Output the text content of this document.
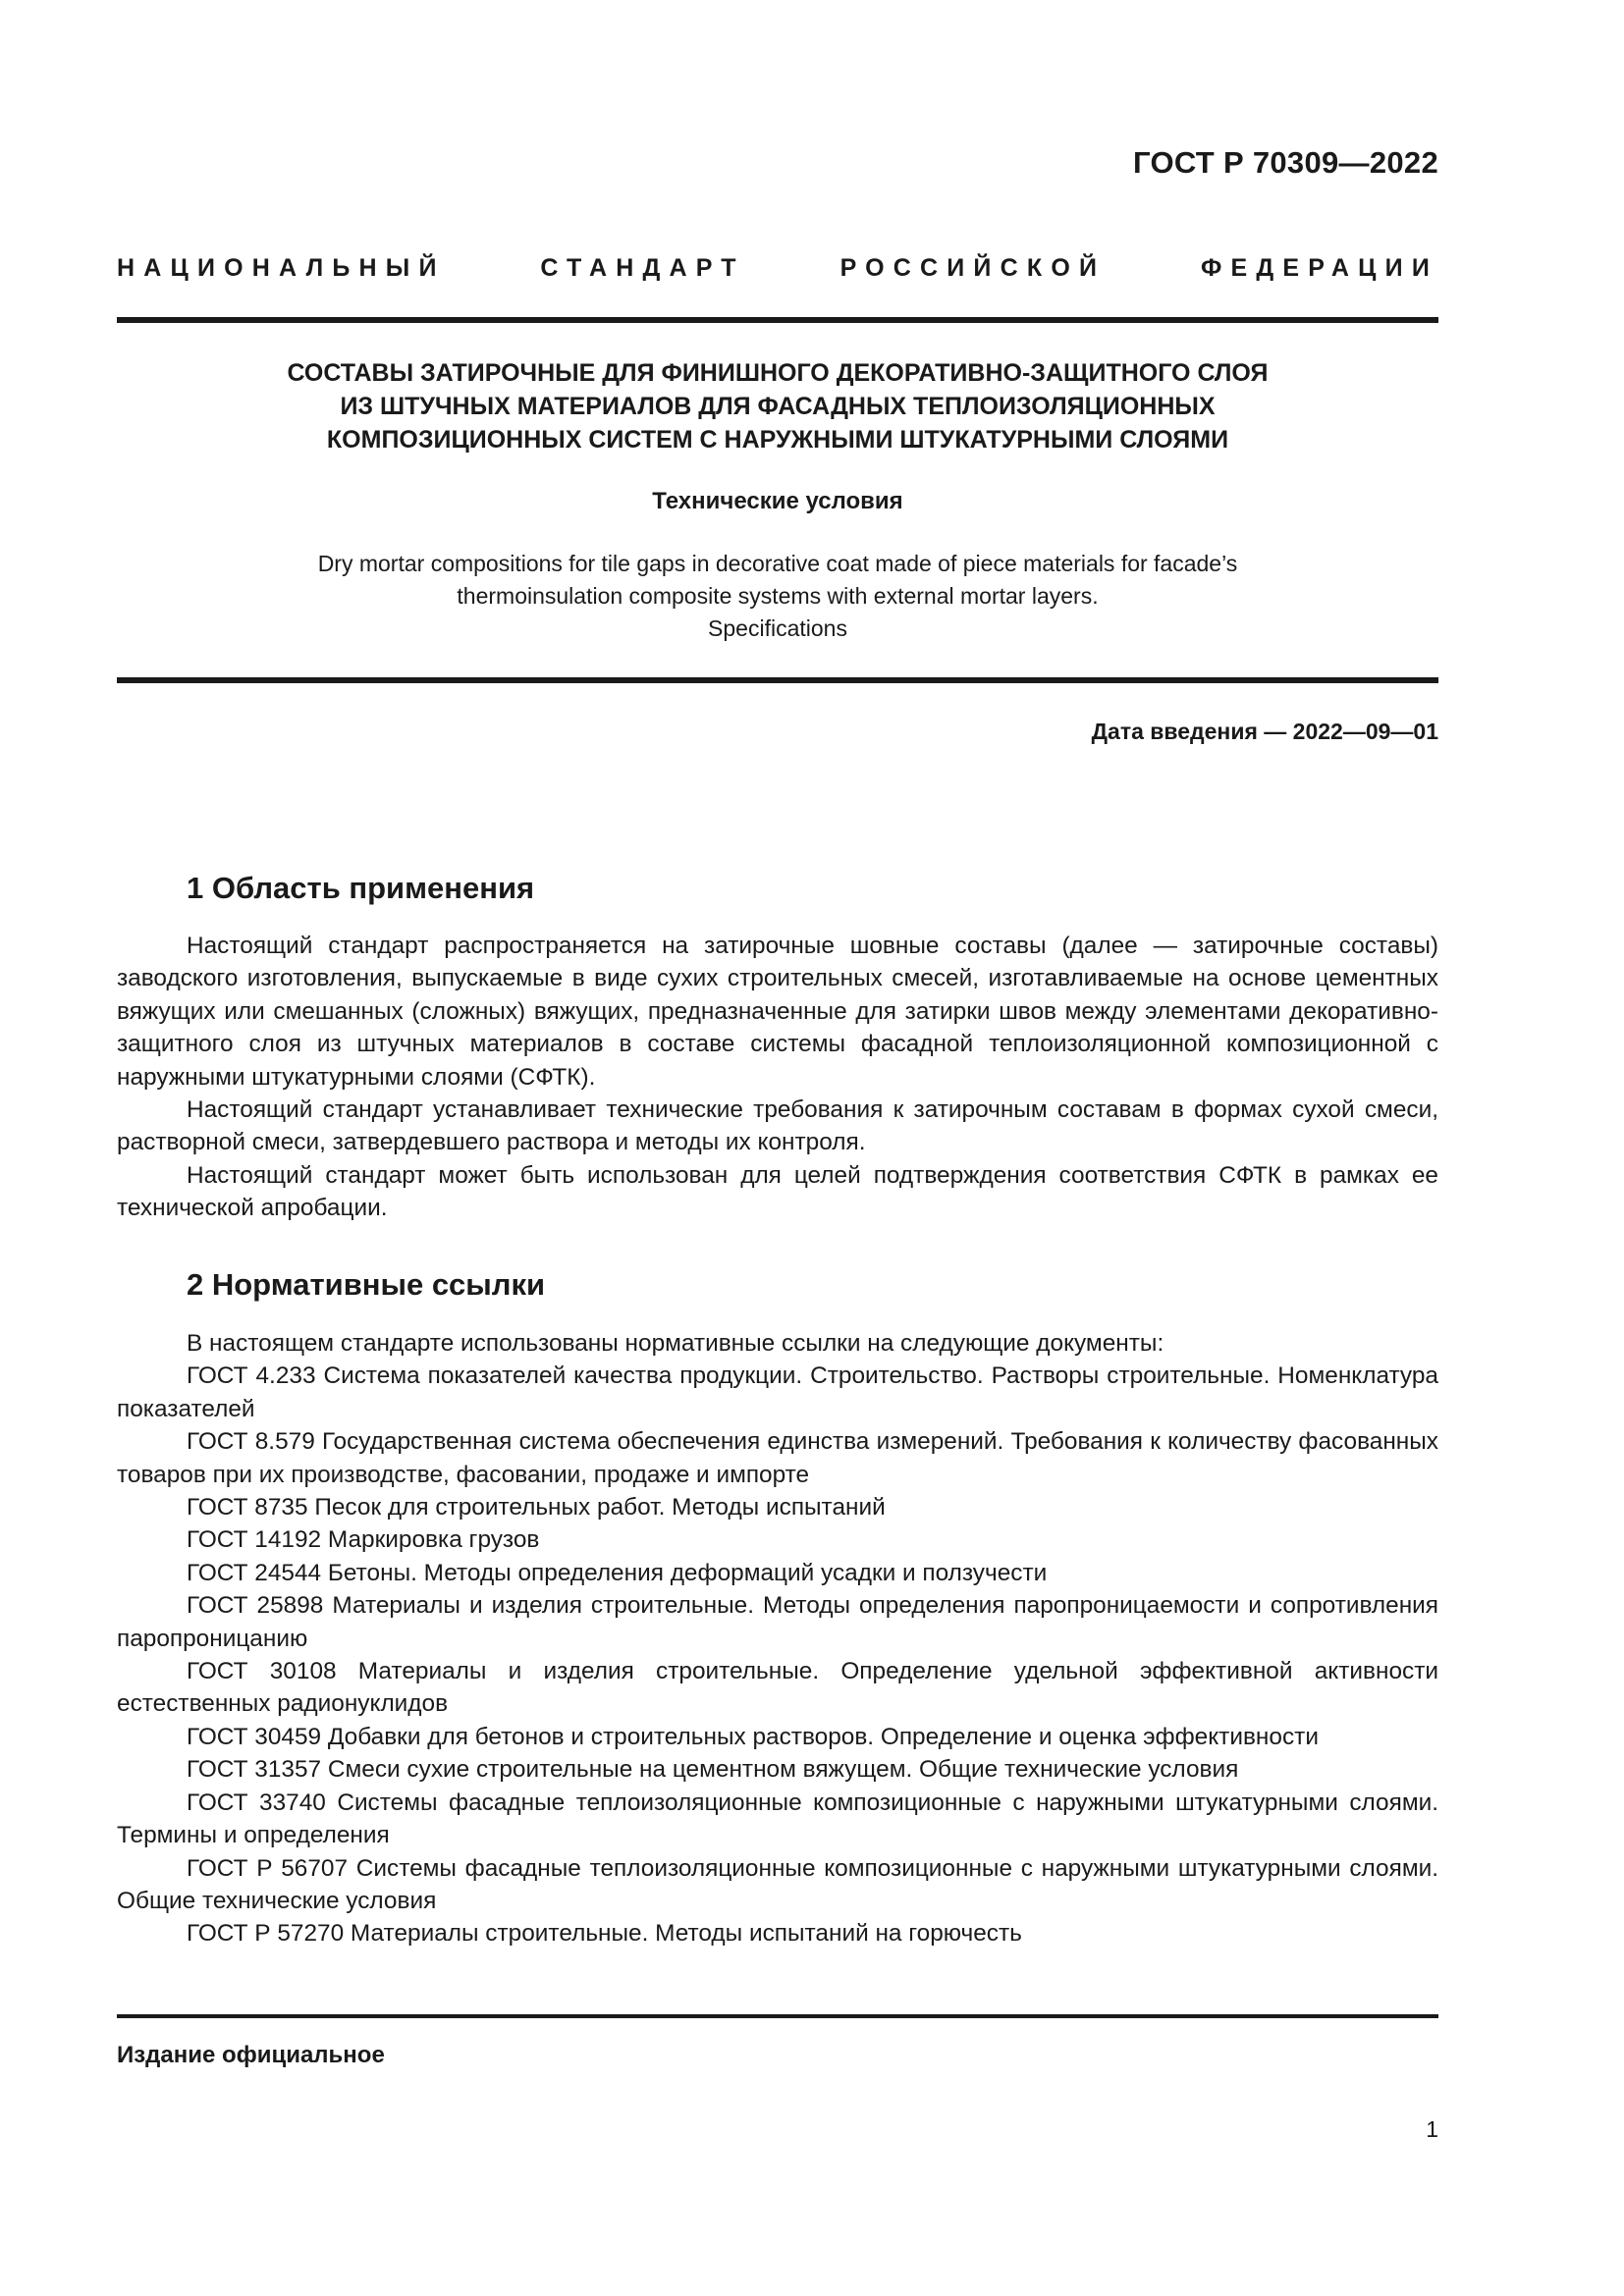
ГОСТ Р 70309—2022
НАЦИОНАЛЬНЫЙ СТАНДАРТ РОССИЙСКОЙ ФЕДЕРАЦИИ
СОСТАВЫ ЗАТИРОЧНЫЕ ДЛЯ ФИНИШНОГО ДЕКОРАТИВНО-ЗАЩИТНОГО СЛОЯ
ИЗ ШТУЧНЫХ МАТЕРИАЛОВ ДЛЯ ФАСАДНЫХ ТЕПЛОИЗОЛЯЦИОННЫХ
КОМПОЗИЦИОННЫХ СИСТЕМ С НАРУЖНЫМИ ШТУКАТУРНЫМИ СЛОЯМИ
Технические условия
Dry mortar compositions for tile gaps in decorative coat made of piece materials for facade’s
thermoinsulation composite systems with external mortar layers.
Specifications
Дата введения — 2022—09—01
1 Область применения

Настоящий стандарт распространяется на затирочные шовные составы (далее — затирочные составы) заводского изготовления, выпускаемые в виде сухих строительных смесей, изготавливаемые на основе цементных вяжущих или смешанных (сложных) вяжущих, предназначенные для затирки швов между элементами декоративно-защитного слоя из штучных материалов в составе системы фасадной теплоизоляционной композиционной с наружными штукатурными слоями (СФТК).

Настоящий стандарт устанавливает технические требования к затирочным составам в формах сухой смеси, растворной смеси, затвердевшего раствора и методы их контроля.

Настоящий стандарт может быть использован для целей подтверждения соответствия СФТК в рамках ее технической апробации.

2 Нормативные ссылки

В настоящем стандарте использованы нормативные ссылки на следующие документы:

ГОСТ 4.233 Система показателей качества продукции. Строительство. Растворы строительные. Номенклатура показателей

ГОСТ 8.579 Государственная система обеспечения единства измерений. Требования к количеству фасованных товаров при их производстве, фасовании, продаже и импорте

ГОСТ 8735 Песок для строительных работ. Методы испытаний

ГОСТ 14192 Маркировка грузов

ГОСТ 24544 Бетоны. Методы определения деформаций усадки и ползучести

ГОСТ 25898 Материалы и изделия строительные. Методы определения паропроницаемости и сопротивления паропроницанию

ГОСТ 30108 Материалы и изделия строительные. Определение удельной эффективной активности естественных радионуклидов

ГОСТ 30459 Добавки для бетонов и строительных растворов. Определение и оценка эффективности

ГОСТ 31357 Смеси сухие строительные на цементном вяжущем. Общие технические условия

ГОСТ 33740 Системы фасадные теплоизоляционные композиционные с наружными штукатурными слоями. Термины и определения

ГОСТ Р 56707 Системы фасадные теплоизоляционные композиционные с наружными штукатурными слоями. Общие технические условия

ГОСТ Р 57270 Материалы строительные. Методы испытаний на горючесть

Издание официальное
1
